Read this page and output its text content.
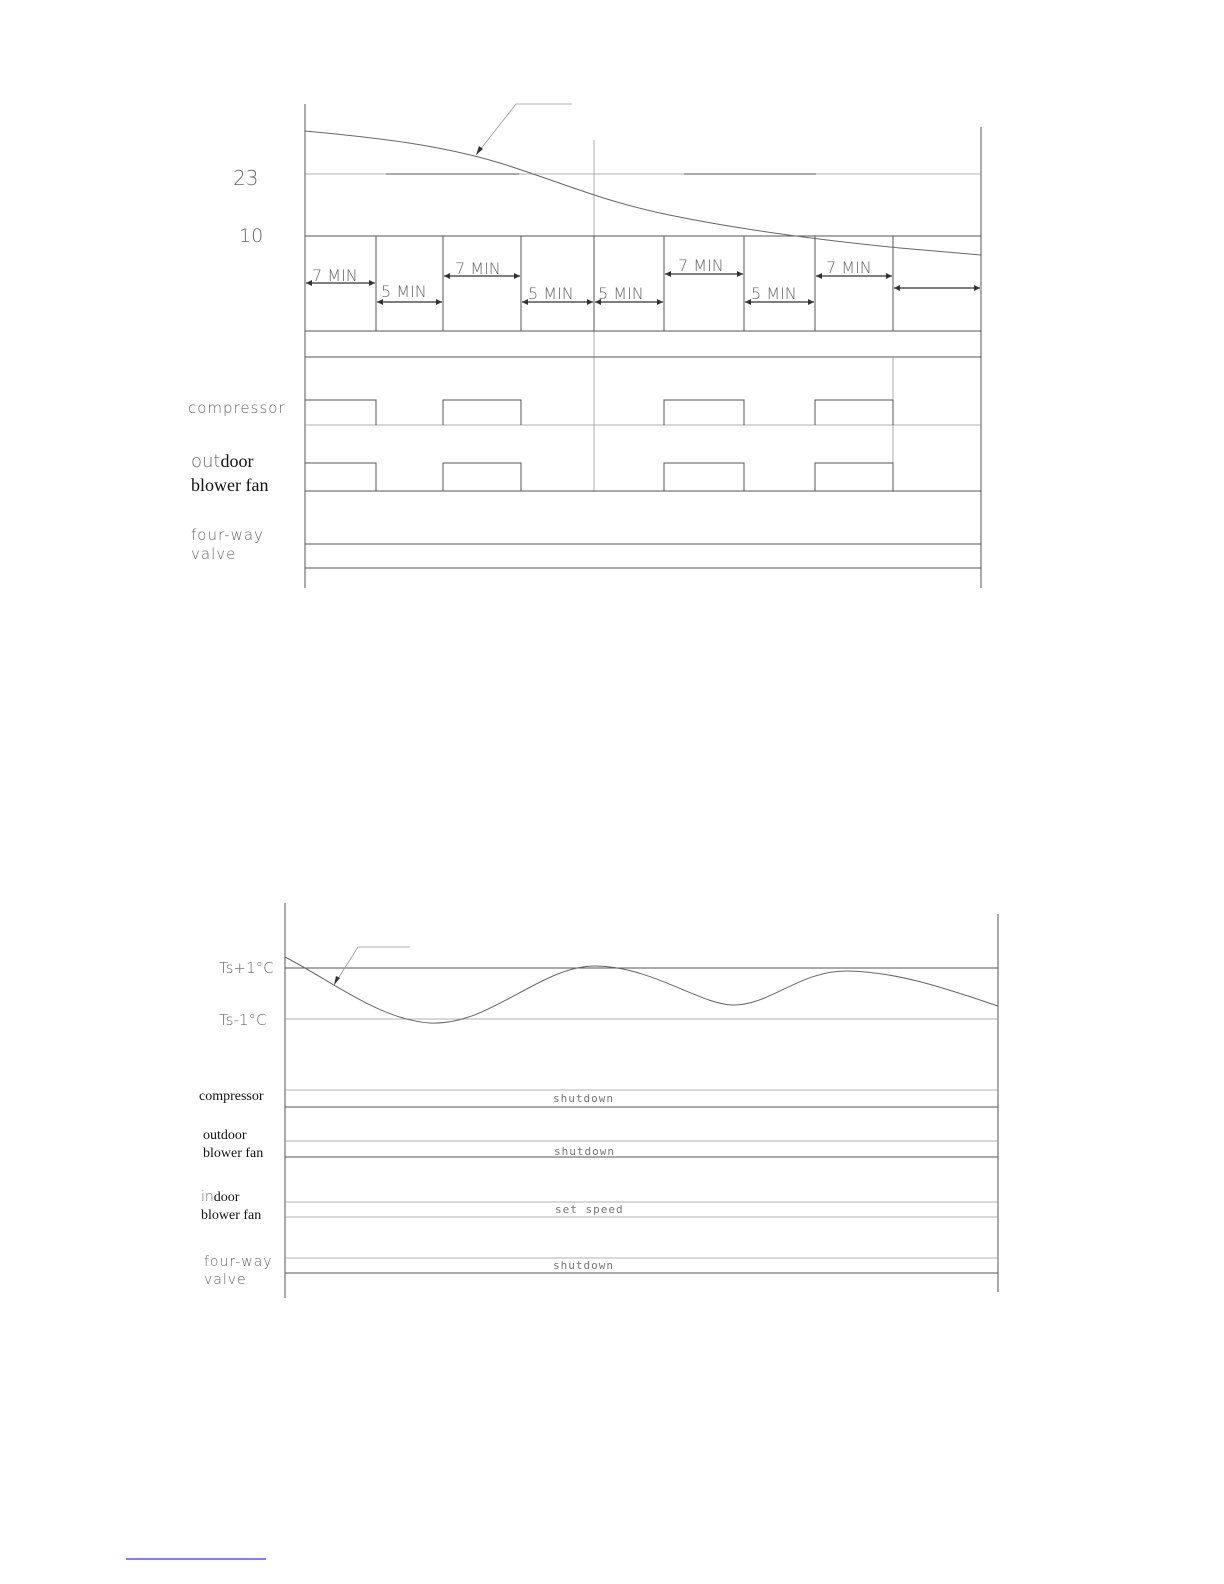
7 MIN
5 MIN
7 MIN
5 MIN 5 MIN
7 MIN
5 MIN
7 MIN
23
10
compressor
outdoor
blower fan
four-way
valve
Ts+1°C
Ts-1°C
compressor	shutdown
outdoor
blower fan	shutdown
indoor
blower fan	set speed
four-way
valve
shutdown
